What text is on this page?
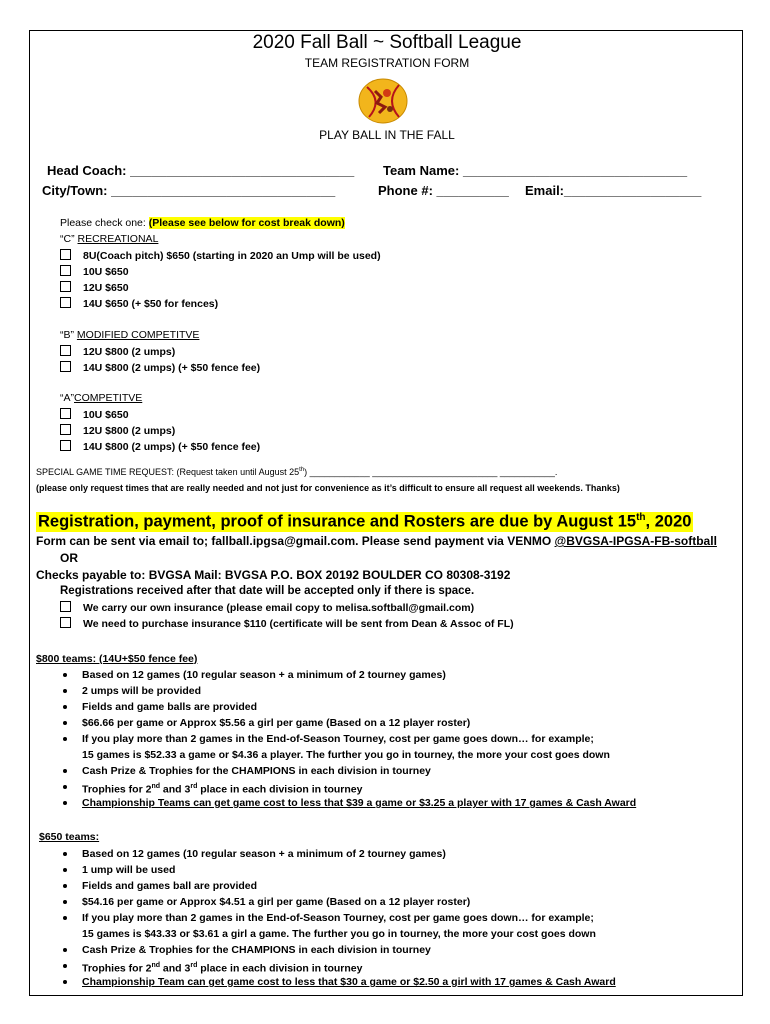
2020 Fall Ball ~ Softball League
TEAM REGISTRATION FORM
PLAY BALL IN THE FALL
Head Coach: _______________________________ Team Name: _______________________________
City/Town: _______________________________	Phone #: __________ Email:___________________
Please check one: (Please see below for cost break down)
“C” RECREATIONAL
8U(Coach pitch) $650 (starting in 2020 an Ump will be used)
10U $650
12U $650
14U $650 (+ $50 for fences)
“B” MODIFIED COMPETITVE
12U $800 (2 umps)
14U $800 (2 umps) (+ $50 fence fee)
“A”COMPETITVE
10U $650
12U $800 (2 umps)
14U $800 (2 umps) (+ $50 fence fee)
SPECIAL GAME TIME REQUEST: (Request taken until August 25th) ____________ _________________________ ___________.
(please only request times that are really needed and not just for convenience as it’s difficult to ensure all request all weekends. Thanks)
Registration, payment, proof of insurance and Rosters are due by August 15th, 2020
Form can be sent via email to; fallball.ipgsa@gmail.com. Please send payment via VENMO @BVGSA-IPGSA-FB-softball
OR
Checks payable to: BVGSA Mail: BVGSA P.O. BOX 20192 BOULDER CO 80308-3192
Registrations received after that date will be accepted only if there is space.
We carry our own insurance (please email copy to melisa.softball@gmail.com)
We need to purchase insurance $110 (certificate will be sent from Dean & Assoc of FL)
$800 teams: (14U+$50 fence fee)
Based on 12 games (10 regular season + a minimum of 2 tourney games)
2 umps will be provided
Fields and game balls are provided
$66.66 per game or Approx $5.56 a girl per game (Based on a 12 player roster)
If you play more than 2 games in the End-of-Season Tourney, cost per game goes down… for example;
15 games is $52.33 a game or $4.36 a player. The further you go in tourney, the more your cost goes down
Cash Prize & Trophies for the CHAMPIONS in each division in tourney
Trophies for 2nd and 3rd place in each division in tourney
Championship Teams can get game cost to less that $39 a game or $3.25 a player with 17 games & Cash Award
$650 teams:
Based on 12 games (10 regular season + a minimum of 2 tourney games)
1 ump will be used
Fields and games ball are provided
$54.16 per game or Approx $4.51 a girl per game (Based on a 12 player roster)
If you play more than 2 games in the End-of-Season Tourney, cost per game goes down… for example;
15 games is $43.33 or $3.61 a girl a game. The further you go in tourney, the more your cost goes down
Cash Prize & Trophies for the CHAMPIONS in each division in tourney
Trophies for 2nd and 3rd place in each division in tourney
Championship Team can get game cost to less that $30 a game or $2.50 a girl with 17 games & Cash Award
